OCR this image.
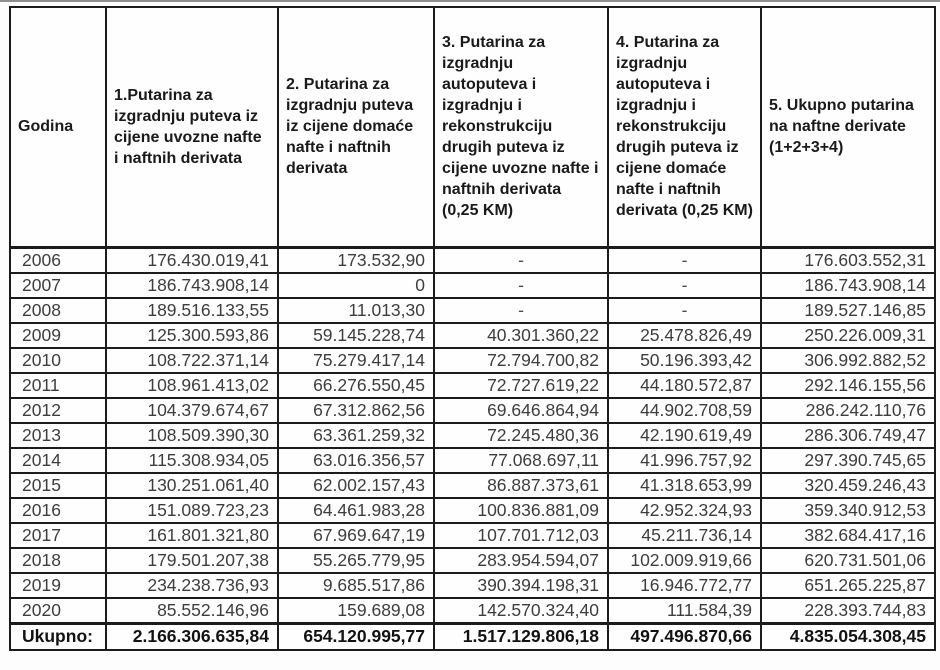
Godina	1.Putarina za izgradnju puteva iz cijene uvozne nafte i naftnih derivata	2. Putarina za izgradnju puteva iz cijene domaće nafte i naftnih derivata	3. Putarina za izgradnju autoputeva i izgradnju i rekonstrukciju drugih puteva iz cijene uvozne nafte i naftnih derivata (0,25 KM)	4. Putarina za izgradnju autoputeva i izgradnju i rekonstrukciju drugih puteva iz cijene domaće nafte i naftnih derivata (0,25 KM)	5. Ukupno putarina na naftne derivate (1+2+3+4)
2006	176.430.019,41	173.532,90	-	-	176.603.552,31
2007	186.743.908,14	0	-	-	186.743.908,14
2008	189.516.133,55	11.013,30	-	-	189.527.146,85
2009	125.300.593,86	59.145.228,74	40.301.360,22	25.478.826,49	250.226.009,31
2010	108.722.371,14	75.279.417,14	72.794.700,82	50.196.393,42	306.992.882,52
2011	108.961.413,02	66.276.550,45	72.727.619,22	44.180.572,87	292.146.155,56
2012	104.379.674,67	67.312.862,56	69.646.864,94	44.902.708,59	286.242.110,76
2013	108.509.390,30	63.361.259,32	72.245.480,36	42.190.619,49	286.306.749,47
2014	115.308.934,05	63.016.356,57	77.068.697,11	41.996.757,92	297.390.745,65
2015	130.251.061,40	62.002.157,43	86.887.373,61	41.318.653,99	320.459.246,43
2016	151.089.723,23	64.461.983,28	100.836.881,09	42.952.324,93	359.340.912,53
2017	161.801.321,80	67.969.647,19	107.701.712,03	45.211.736,14	382.684.417,16
2018	179.501.207,38	55.265.779,95	283.954.594,07	102.009.919,66	620.731.501,06
2019	234.238.736,93	9.685.517,86	390.394.198,31	16.946.772,77	651.265.225,87
2020	85.552.146,96	159.689,08	142.570.324,40	111.584,39	228.393.744,83
Ukupno:	2.166.306.635,84	654.120.995,77	1.517.129.806,18	497.496.870,66	4.835.054.308,45
